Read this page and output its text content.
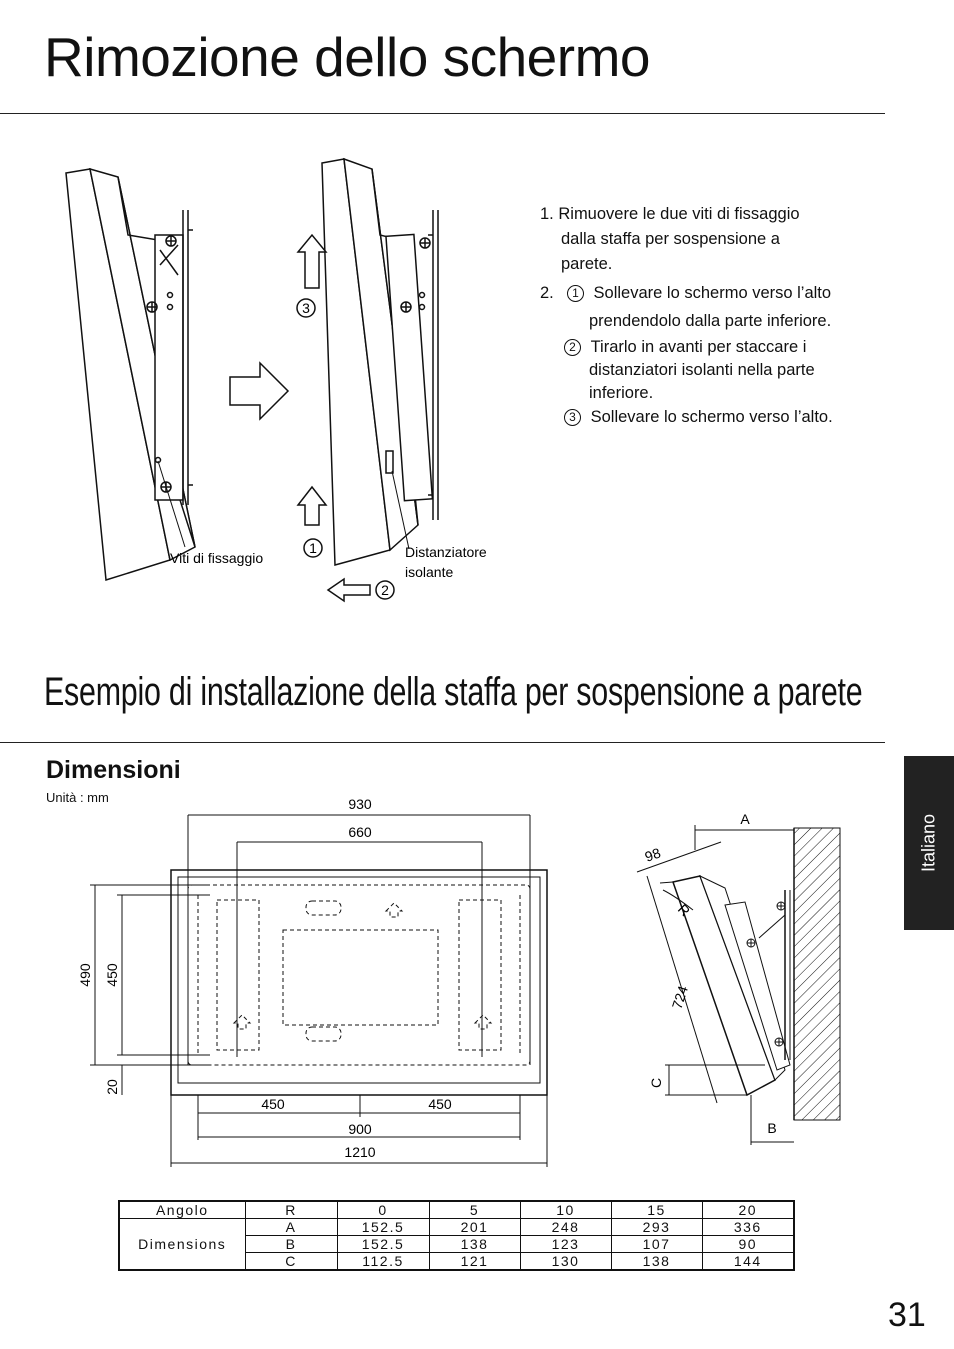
Rimozione dello schermo
3
1
2
Viti di fissaggio	Distanziatore
isolante
1. Rimuovere le due viti di fissaggio
dalla staffa per sospensione a
parete.
2. 1 Sollevare lo schermo verso l’alto
prendendolo dalla parte inferiore.
2 Tirarlo in avanti per staccare i
distanziatori isolanti nella parte
inferiore.
3 Sollevare lo schermo verso l’alto.
Esempio di installazione della staffa per sospensione a parete
Dimensioni
Unità : mm	930
660
490 450
20
450	450
900
1210
A
98
R
724
C
B
Angolo	R	0	5	10	15	20
Dimensions	A	152.5	201	248	293	336
	B	152.5	138	123	107	90
	C	112.5	121	130	138	144
Italiano
31
